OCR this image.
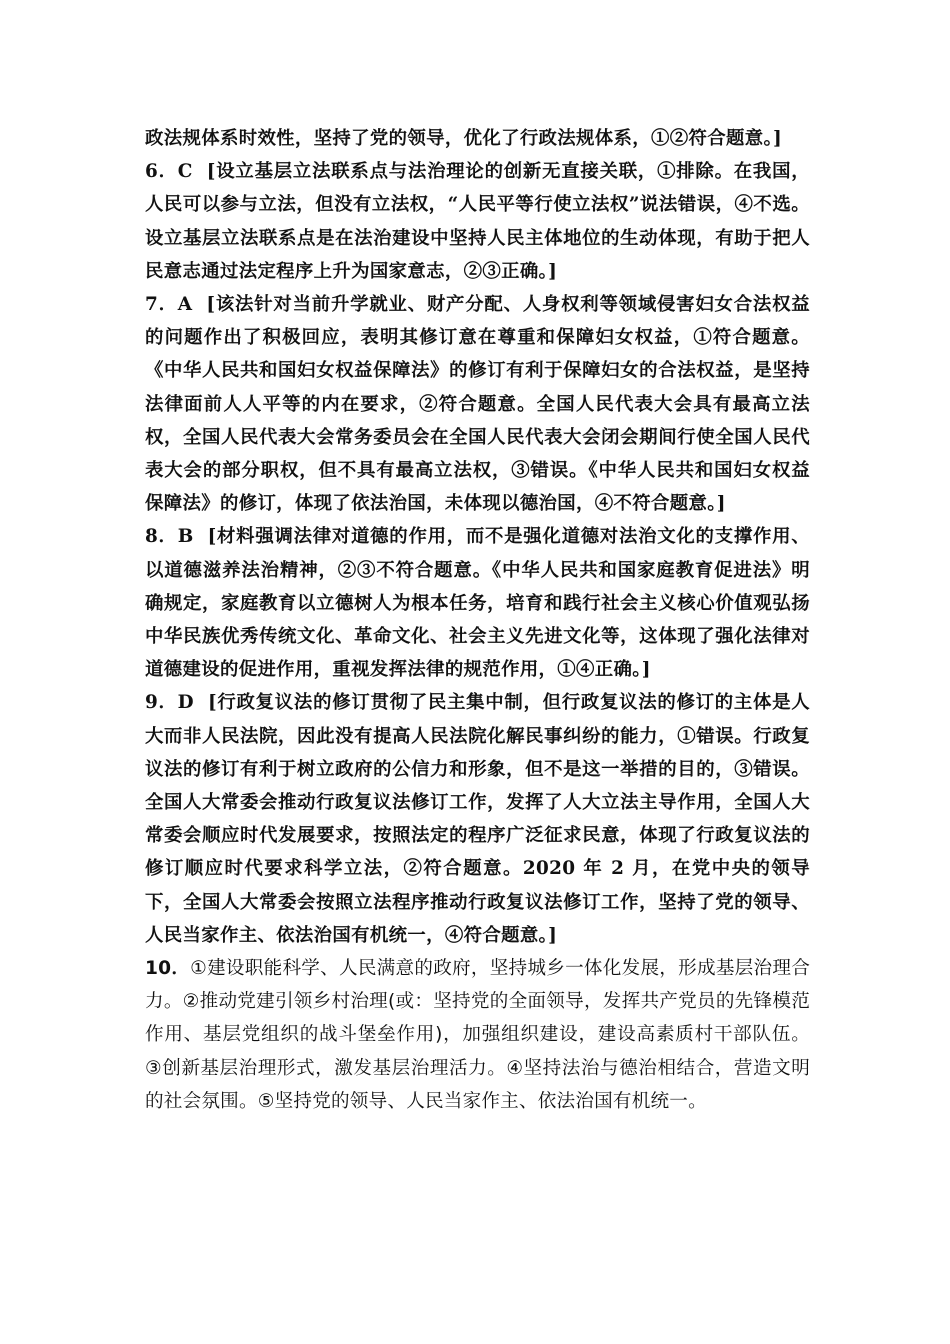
政法规体系时效性，坚持了党的领导，优化了行政法规体系，①②符合题意。]

6．C [设立基层立法联系点与法治理论的创新无直接关联，①排除。在我国，人民可以参与立法，但没有立法权，“人民平等行使立法权”说法错误，④不选。设立基层立法联系点是在法治建设中坚持人民主体地位的生动体现，有助于把人民意志通过法定程序上升为国家意志，②③正确。]

7．A [该法针对当前升学就业、财产分配、人身权利等领域侵害妇女合法权益的问题作出了积极回应，表明其修订意在尊重和保障妇女权益，①符合题意。《中华人民共和国妇女权益保障法》的修订有利于保障妇女的合法权益，是坚持法律面前人人平等的内在要求，②符合题意。全国人民代表大会具有最高立法权，全国人民代表大会常务委员会在全国人民代表大会闭会期间行使全国人民代表大会的部分职权，但不具有最高立法权，③错误。《中华人民共和国妇女权益保障法》的修订，体现了依法治国，未体现以德治国，④不符合题意。]

8．B [材料强调法律对道德的作用，而不是强化道德对法治文化的支撑作用、以道德滋养法治精神，②③不符合题意。《中华人民共和国家庭教育促进法》明确规定，家庭教育以立德树人为根本任务，培育和践行社会主义核心价值观弘扬中华民族优秀传统文化、革命文化、社会主义先进文化等，这体现了强化法律对道德建设的促进作用，重视发挥法律的规范作用，①④正确。]

9．D [行政复议法的修订贯彻了民主集中制，但行政复议法的修订的主体是人大而非人民法院，因此没有提高人民法院化解民事纠纷的能力，①错误。行政复议法的修订有利于树立政府的公信力和形象，但不是这一举措的目的，③错误。全国人大常委会推动行政复议法修订工作，发挥了人大立法主导作用，全国人大常委会顺应时代发展要求，按照法定的程序广泛征求民意，体现了行政复议法的修订顺应时代要求科学立法，②符合题意。2020 年 2 月，在党中央的领导下，全国人大常委会按照立法程序推动行政复议法修订工作，坚持了党的领导、人民当家作主、依法治国有机统一，④符合题意。]

10．①建设职能科学、人民满意的政府，坚持城乡一体化发展，形成基层治理合力。②推动党建引领乡村治理(或：坚持党的全面领导，发挥共产党员的先锋模范作用、基层党组织的战斗堡垒作用)，加强组织建设，建设高素质村干部队伍。 ③创新基层治理形式，激发基层治理活力。④坚持法治与德治相结合，营造文明的社会氛围。⑤坚持党的领导、人民当家作主、依法治国有机统一。
